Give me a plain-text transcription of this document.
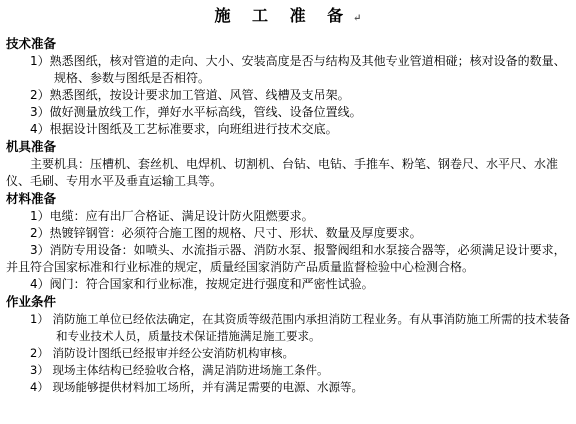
施 工 准 备 ↵

技术准备

1）熟悉图纸，核对管道的走向、大小、安装高度是否与结构及其他专业管道相碰；核对设备的数量、规格、参数与图纸是否相符。

2）熟悉图纸，按设计要求加工管道、风管、线槽及支吊架。

3）做好测量放线工作，弹好水平标高线，管线、设备位置线。

4）根据设计图纸及工艺标准要求，向班组进行技术交底。

机具准备

主要机具：压槽机、套丝机、电焊机、切割机、台钻、电钻、手推车、粉笔、钢卷尺、水平尺、水准仪、毛刷、专用水平及垂直运输工具等。

材料准备

1）电缆：应有出厂合格证、满足设计防火阻燃要求。

2）热镀锌钢管：必须符合施工图的规格、尺寸、形状、数量及厚度要求。

3）消防专用设备：如喷头、水流指示器、消防水泵、报警阀组和水泵接合器等，必须满足设计要求，并且符合国家标准和行业标准的规定，质量经国家消防产品质量监督检验中心检测合格。

4）阀门：符合国家和行业标准，按规定进行强度和严密性试验。

作业条件

1） 消防施工单位已经依法确定，在其资质等级范围内承担消防工程业务。有从事消防施工所需的技术装备和专业技术人员，质量技术保证措施满足施工要求。

2） 消防设计图纸已经报审并经公安消防机构审核。

3） 现场主体结构已经验收合格，满足消防进场施工条件。

4） 现场能够提供材料加工场所，并有满足需要的电源、水源等。
